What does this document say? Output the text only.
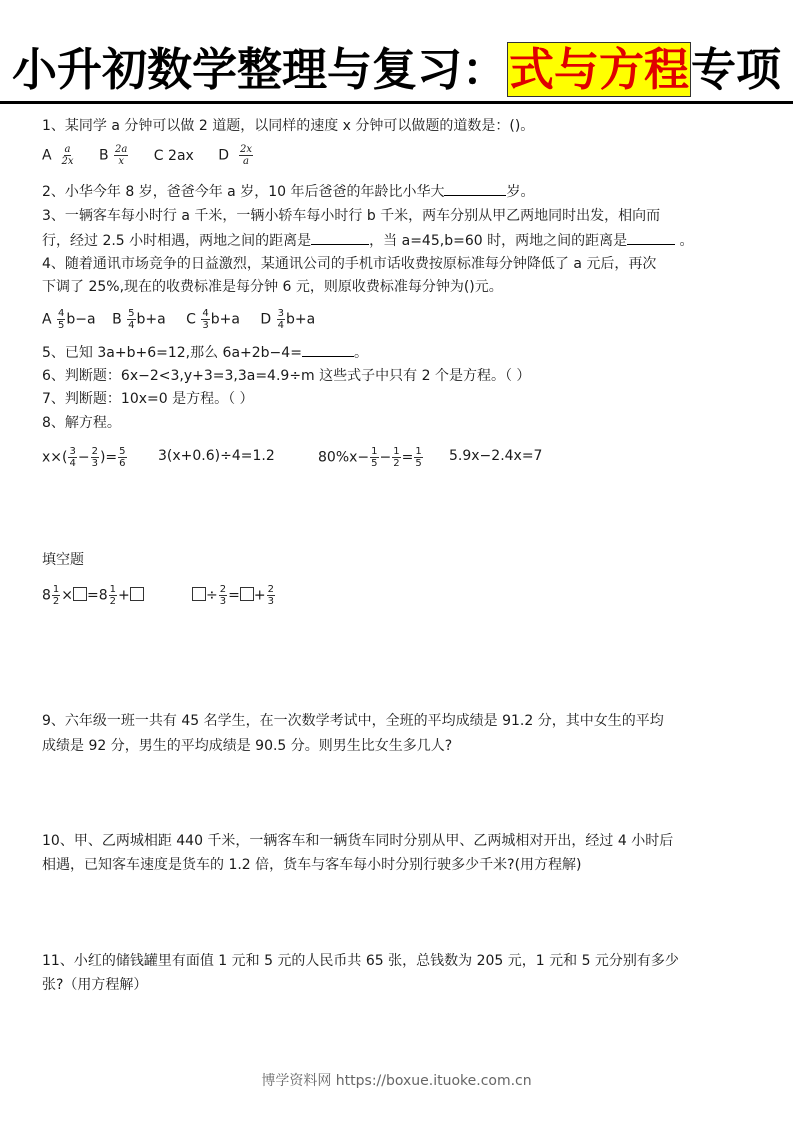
小升初数学整理与复习：式与方程专项
1、某同学 a 分钟可以做 2 道题，以同样的速度 x 分钟可以做题的道数是：()。
A $\frac{a}{2x}$ B $\frac{2a}{x}$ C 2ax D $\frac{2x}{a}$
2、小华今年 8 岁，爸爸今年 a 岁，10 年后爸爸的年龄比小华大	岁。
3、一辆客车每小时行 a 千米，一辆小轿车每小时行 b 千米，两车分别从甲乙两地同时出发，相向而
行，经过 2.5 小时相遇，两地之间的距离是	，当 a=45,b=60 时，两地之间的距离是	。
4、随着通讯市场竞争的日益激烈，某通讯公司的手机市话收费按原标准每分钟降低了 a 元后，再次
下调了 25%,现在的收费标准是每分钟 6 元，则原收费标准每分钟为()元。
A $\frac{4}{5} b-a$ B $\frac{5}{4} b+a$ C $\frac{4}{3} b+a$ D $\frac{3}{4} b+a$
5、已知 3a+b+6=12,那么 6a+2b−4=	。
6、判断题：6x−2<3,y+3=3,3a=4.9÷m 这些式子中只有 2 个是方程。（ ）
7、判断题：10x=0 是方程。（ ）
8、解方程。
$x\times( \frac{3}{4} - \frac{2}{3}$ )= $\frac{5}{6} 3(x+0.6)\div 4=1.2$	$80\%x- \frac{1}{5} - \frac{1}{2} = \frac{1}{5} 5.9x-2.4x=7$
填空题
$8 \frac{1}{2} \times =8 \frac{1}{2}$ +	÷ $\frac{2}{3}$ = + $\frac{2}{3}$
9、六年级一班一共有 45 名学生，在一次数学考试中，全班的平均成绩是 91.2 分，其中女生的平均
成绩是 92 分，男生的平均成绩是 90.5 分。则男生比女生多几人?
10、甲、乙两城相距 440 千米，一辆客车和一辆货车同时分别从甲、乙两城相对开出，经过 4 小时后
相遇，已知客车速度是货车的 1.2 倍，货车与客车每小时分别行驶多少千米?(用方程解)
11、小红的储钱罐里有面值 1 元和 5 元的人民币共 65 张，总钱数为 205 元，1 元和 5 元分别有多少
张?（用方程解）
博学资料网 https://boxue.ituoke.com.cn
